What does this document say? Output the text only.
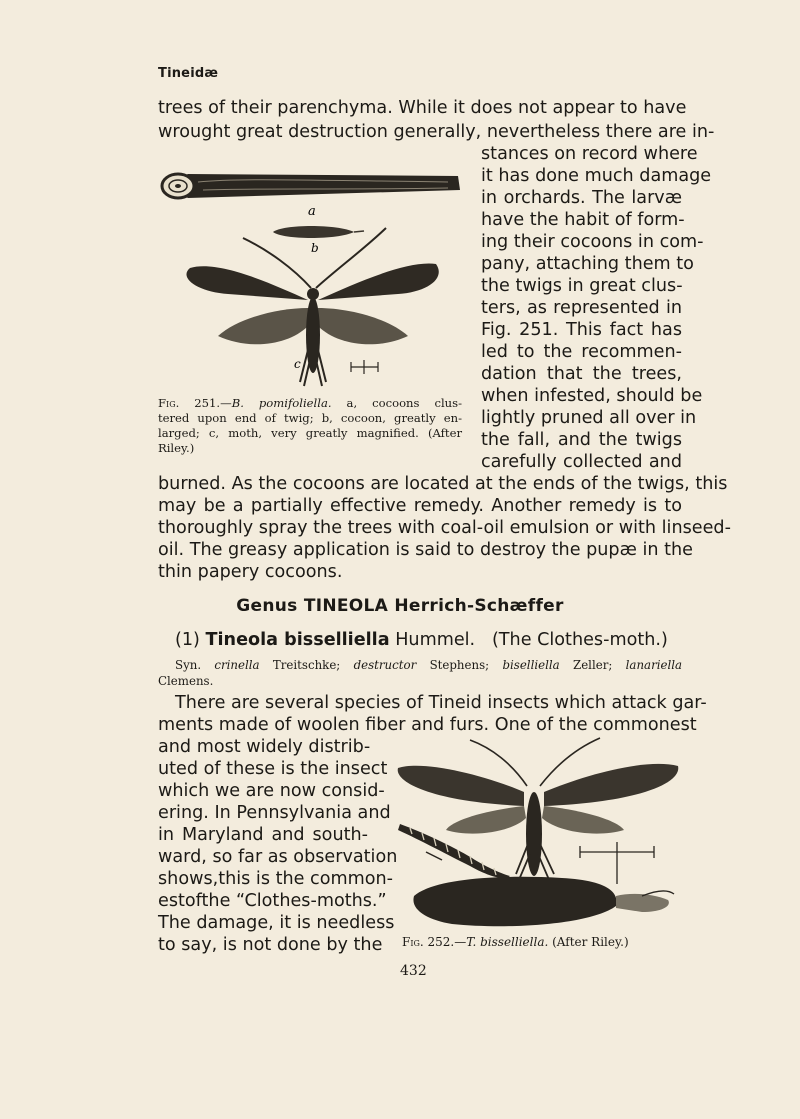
Tineidæ
trees of their parenchyma. While it does not appear to have
wrought great destruction generally, nevertheless there are in-
stances on record where
it has done much damage
in orchards. The larvæ
have the habit of form-
ing their cocoons in com-
pany, attaching them to
the twigs in great clus-
ters, as represented in
Fig. 251. This fact has
led to the recommen-
dation that the trees,
when infested, should be
lightly pruned all over in
the fall, and the twigs
carefully collected and
burned. As the cocoons are located at the ends of the twigs, this
may be a partially effective remedy. Another remedy is to
thoroughly spray the trees with coal-oil emulsion or with linseed-
oil. The greasy application is said to destroy the pupæ in the
thin papery cocoons.
a
b
c
Fig. 251.—B. pomifoliella. a, cocoons clus-
tered upon end of twig; b, cocoon, greatly en-
larged; c, moth, very greatly magnified. (After
Riley.)
Genus TINEOLA Herrich-Schæffer
(1) Tineola bisselliella Hummel. (The Clothes-moth.)
Syn. crinella Treitschke; destructor Stephens; biselliella Zeller; lanariella
Clemens.
There are several species of Tineid insects which attack gar-
ments made of woolen fiber and furs. One of the commonest
and most widely distrib-
uted of these is the insect
which we are now consid-
ering. In Pennsylvania and
in Maryland and south-
ward, so far as observation
shows,this is the common-
estofthe “Clothes-moths.”
The damage, it is needless
to say, is not done by the Fig. 252.—T. bisselliella. (After Riley.)
432
